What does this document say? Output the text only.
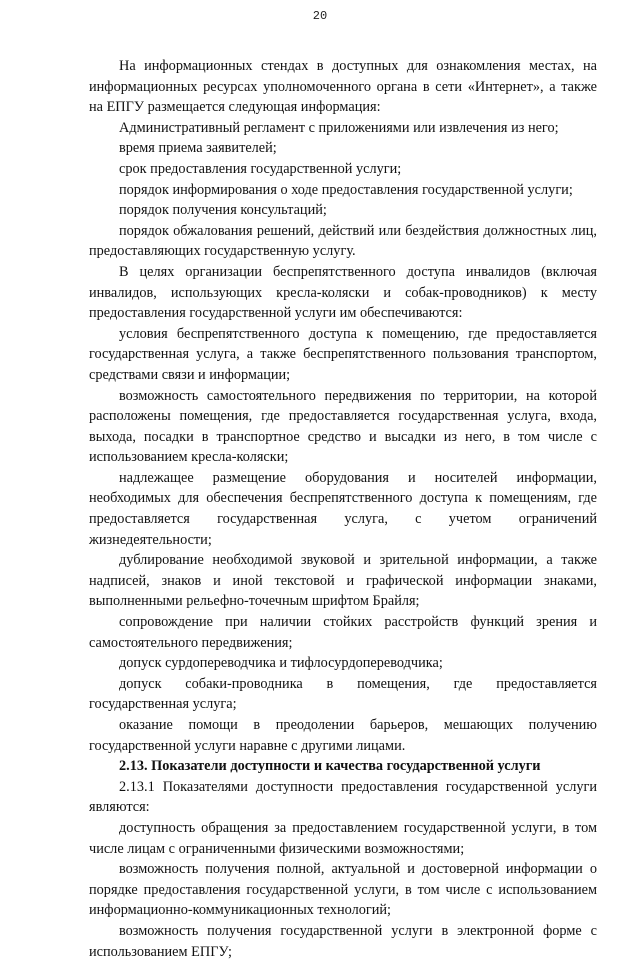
20

На информационных стендах в доступных для ознакомления местах, на информационных ресурсах уполномоченного органа в сети «Интернет», а также на ЕПГУ размещается следующая информация:

Административный регламент с приложениями или извлечения из него;

время приема заявителей;

срок предоставления государственной услуги;

порядок информирования о ходе предоставления государственной услуги;

порядок получения консультаций;

порядок обжалования решений, действий или бездействия должностных лиц, предоставляющих государственную услугу.

В целях организации беспрепятственного доступа инвалидов (включая инвалидов, использующих кресла-коляски и собак-проводников) к месту предоставления государственной услуги им обеспечиваются:

условия беспрепятственного доступа к помещению, где предоставляется государственная услуга, а также беспрепятственного пользования транспортом, средствами связи и информации;

возможность самостоятельного передвижения по территории, на которой расположены помещения, где предоставляется государственная услуга, входа, выхода, посадки в транспортное средство и высадки из него, в том числе с использованием кресла-коляски;

надлежащее размещение оборудования и носителей информации, необходимых для обеспечения беспрепятственного доступа к помещениям, где предоставляется государственная услуга, с учетом ограничений жизнедеятельности;

дублирование необходимой звуковой и зрительной информации, а также надписей, знаков и иной текстовой и графической информации знаками, выполненными рельефно-точечным шрифтом Брайля;

сопровождение при наличии стойких расстройств функций зрения и самостоятельного передвижения;

допуск сурдопереводчика и тифлосурдопереводчика;

допуск собаки-проводника в помещения, где предоставляется государственная услуга;

оказание помощи в преодолении барьеров, мешающих получению государственной услуги наравне с другими лицами.

2.13. Показатели доступности и качества государственной услуги

2.13.1 Показателями доступности предоставления государственной услуги являются:

доступность обращения за предоставлением государственной услуги, в том числе лицам с ограниченными физическими возможностями;

возможность получения полной, актуальной и достоверной информации о порядке предоставления государственной услуги, в том числе с использованием информационно-коммуникационных технологий;

возможность получения государственной услуги в электронной форме с использованием ЕПГУ;
